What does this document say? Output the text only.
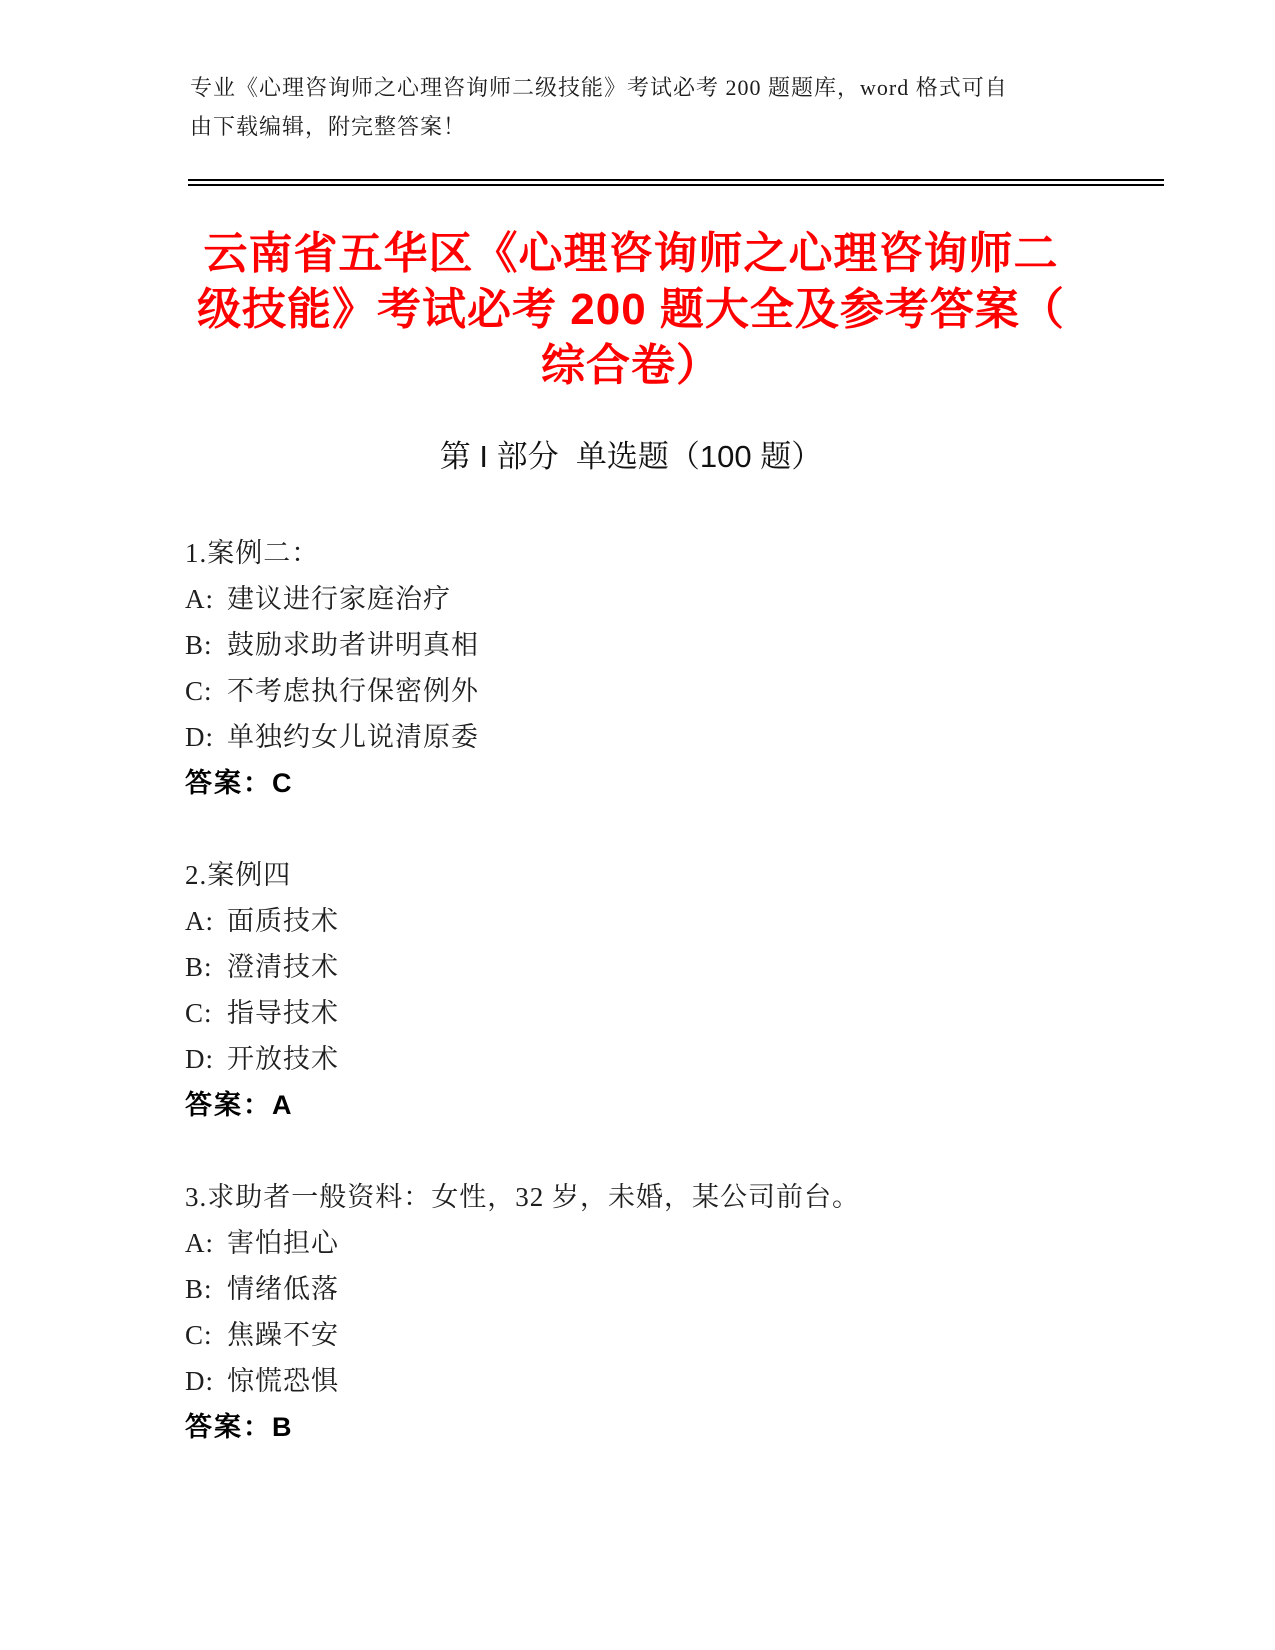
专业《心理咨询师之心理咨询师二级技能》考试必考 200 题题库，word 格式可自
由下载编辑，附完整答案！
云南省五华区《心理咨询师之心理咨询师二
级技能》考试必考 200 题大全及参考答案（
综合卷）
第 I 部分  单选题（100 题）
1.案例二：
A: 建议进行家庭治疗
B: 鼓励求助者讲明真相
C: 不考虑执行保密例外
D: 单独约女儿说清原委
答案：C
2.案例四
A: 面质技术
B: 澄清技术
C: 指导技术
D: 开放技术
答案：A
3.求助者一般资料：女性，32 岁，未婚，某公司前台。
A: 害怕担心
B: 情绪低落
C: 焦躁不安
D: 惊慌恐惧
答案：B
